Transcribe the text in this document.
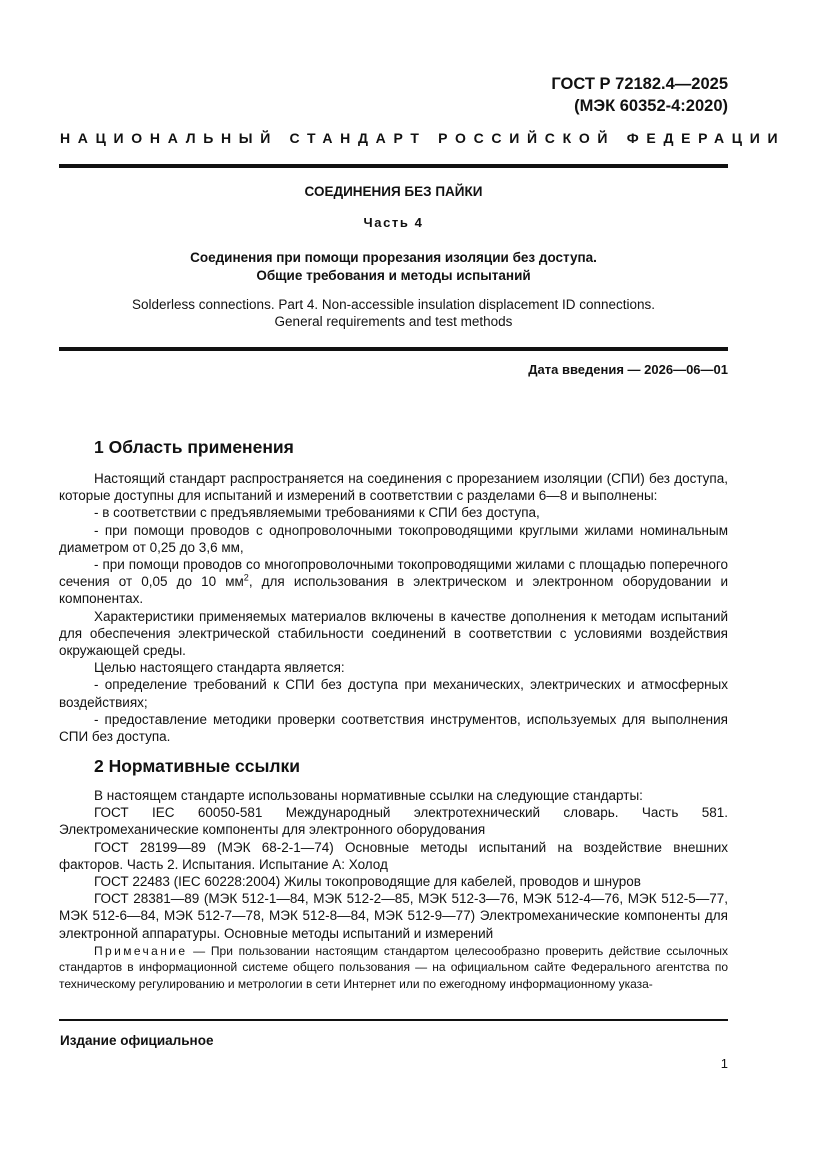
ГОСТ Р 72182.4—2025
(МЭК 60352-4:2020)
НАЦИОНАЛЬНЫЙ СТАНДАРТ РОССИЙСКОЙ ФЕДЕРАЦИИ
СОЕДИНЕНИЯ БЕЗ ПАЙКИ
Часть 4
Соединения при помощи прорезания изоляции без доступа.
Общие требования и методы испытаний
Solderless connections. Part 4. Non-accessible insulation displacement ID connections.
General requirements and test methods
Дата введения — 2026—06—01
1 Область применения

Настоящий стандарт распространяется на соединения с прорезанием изоляции (СПИ) без доступа, которые доступны для испытаний и измерений в соответствии с разделами 6—8 и выполнены:

- в соответствии с предъявляемыми требованиями к СПИ без доступа,

- при помощи проводов с однопроволочными токопроводящими круглыми жилами номинальным диаметром от 0,25 до 3,6 мм,

- при помощи проводов со многопроволочными токопроводящими жилами с площадью поперечного сечения от 0,05 до 10 $мм^2$, для использования в электрическом и электронном оборудовании и компонентах.

Характеристики применяемых материалов включены в качестве дополнения к методам испытаний для обеспечения электрической стабильности соединений в соответствии с условиями воздействия окружающей среды.

Целью настоящего стандарта является:

- определение требований к СПИ без доступа при механических, электрических и атмосферных воздействиях;

- предоставление методики проверки соответствия инструментов, используемых для выполнения СПИ без доступа.

2 Нормативные ссылки

В настоящем стандарте использованы нормативные ссылки на следующие стандарты:

ГОСТ IEC 60050-581 Международный электротехнический словарь. Часть 581. Электромеханические компоненты для электронного оборудования

ГОСТ 28199—89 (МЭК 68-2-1—74) Основные методы испытаний на воздействие внешних факторов. Часть 2. Испытания. Испытание А: Холод

ГОСТ 22483 (IEC 60228:2004) Жилы токопроводящие для кабелей, проводов и шнуров

ГОСТ 28381—89 (МЭК 512-1—84, МЭК 512-2—85, МЭК 512-3—76, МЭК 512-4—76, МЭК 512-5—77, МЭК 512-6—84, МЭК 512-7—78, МЭК 512-8—84, МЭК 512-9—77) Электромеханические компоненты для электронной аппаратуры. Основные методы испытаний и измерений

Примечание — При пользовании настоящим стандартом целесообразно проверить действие ссылочных стандартов в информационной системе общего пользования — на официальном сайте Федерального агентства по техническому регулированию и метрологии в сети Интернет или по ежегодному информационному указа-
Издание официальное
1
